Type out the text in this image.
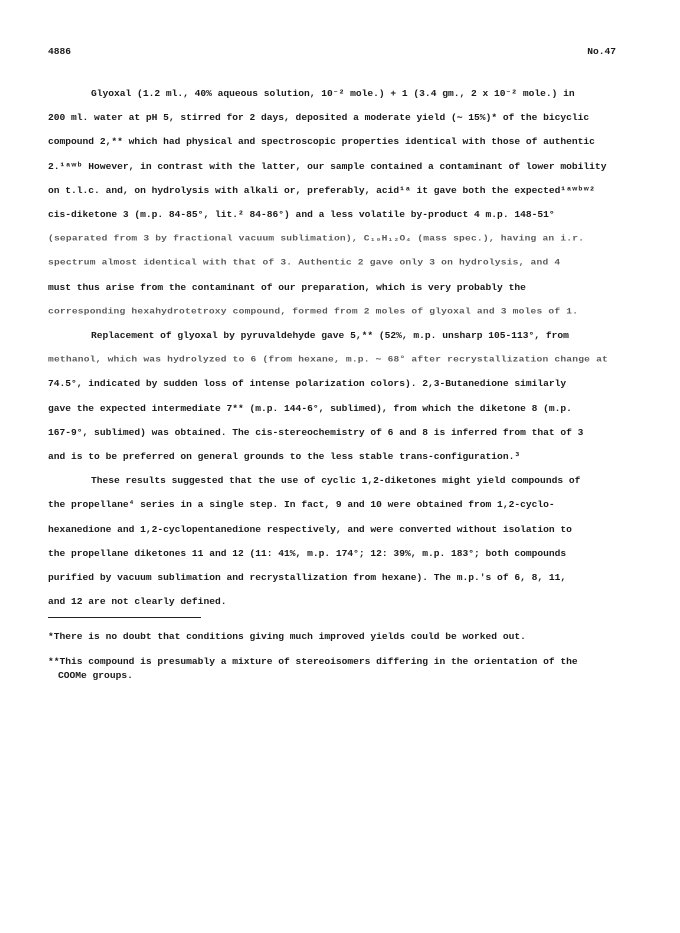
4886	No.47
Glyoxal (1.2 ml., 40% aqueous solution, 10⁻² mole.) + 1 (3.4 gm., 2 x 10⁻² mole.) in
200 ml. water at pH 5, stirred for 2 days, deposited a moderate yield (∼ 15%)* of the bicyclic
compound 2,** which had physical and spectroscopic properties identical with those of authentic
2.¹ᵃʷᵇ However, in contrast with the latter, our sample contained a contaminant of lower mobility
on t.l.c. and, on hydrolysis with alkali or, preferably, acid¹ᵃ it gave both the expected¹ᵃʷᵇʷ²
cis-diketone 3 (m.p. 84-85°, lit.² 84-86°) and a less volatile by-product 4 m.p. 148-51°
(separated from 3 by fractional vacuum sublimation), C₁₀H₁₂O₄ (mass spec.), having an i.r.
spectrum almost identical with that of 3. Authentic 2 gave only 3 on hydrolysis, and 4
must thus arise from the contaminant of our preparation, which is very probably the
corresponding hexahydrotetroxy compound, formed from 2 moles of glyoxal and 3 moles of 1.
Replacement of glyoxal by pyruvaldehyde gave 5,** (52%, m.p. unsharp 105-113°, from
methanol, which was hydrolyzed to 6 (from hexane, m.p. ∼ 68° after recrystallization change at
74.5°, indicated by sudden loss of intense polarization colors). 2,3-Butanedione similarly
gave the expected intermediate 7** (m.p. 144-6°, sublimed), from which the diketone 8 (m.p.
167-9°, sublimed) was obtained. The cis-stereochemistry of 6 and 8 is inferred from that of 3
and is to be preferred on general grounds to the less stable trans-configuration.³
These results suggested that the use of cyclic 1,2-diketones might yield compounds of
the propellane⁴ series in a single step. In fact, 9 and 10 were obtained from 1,2-cyclo-
hexanedione and 1,2-cyclopentanedione respectively, and were converted without isolation to
the propellane diketones 11 and 12 (11: 41%, m.p. 174°; 12: 39%, m.p. 183°; both compounds
purified by vacuum sublimation and recrystallization from hexane). The m.p.'s of 6, 8, 11,
and 12 are not clearly defined.
*There is no doubt that conditions giving much improved yields could be worked out.
**This compound is presumably a mixture of stereoisomers differing in the orientation of the
COOMe groups.
